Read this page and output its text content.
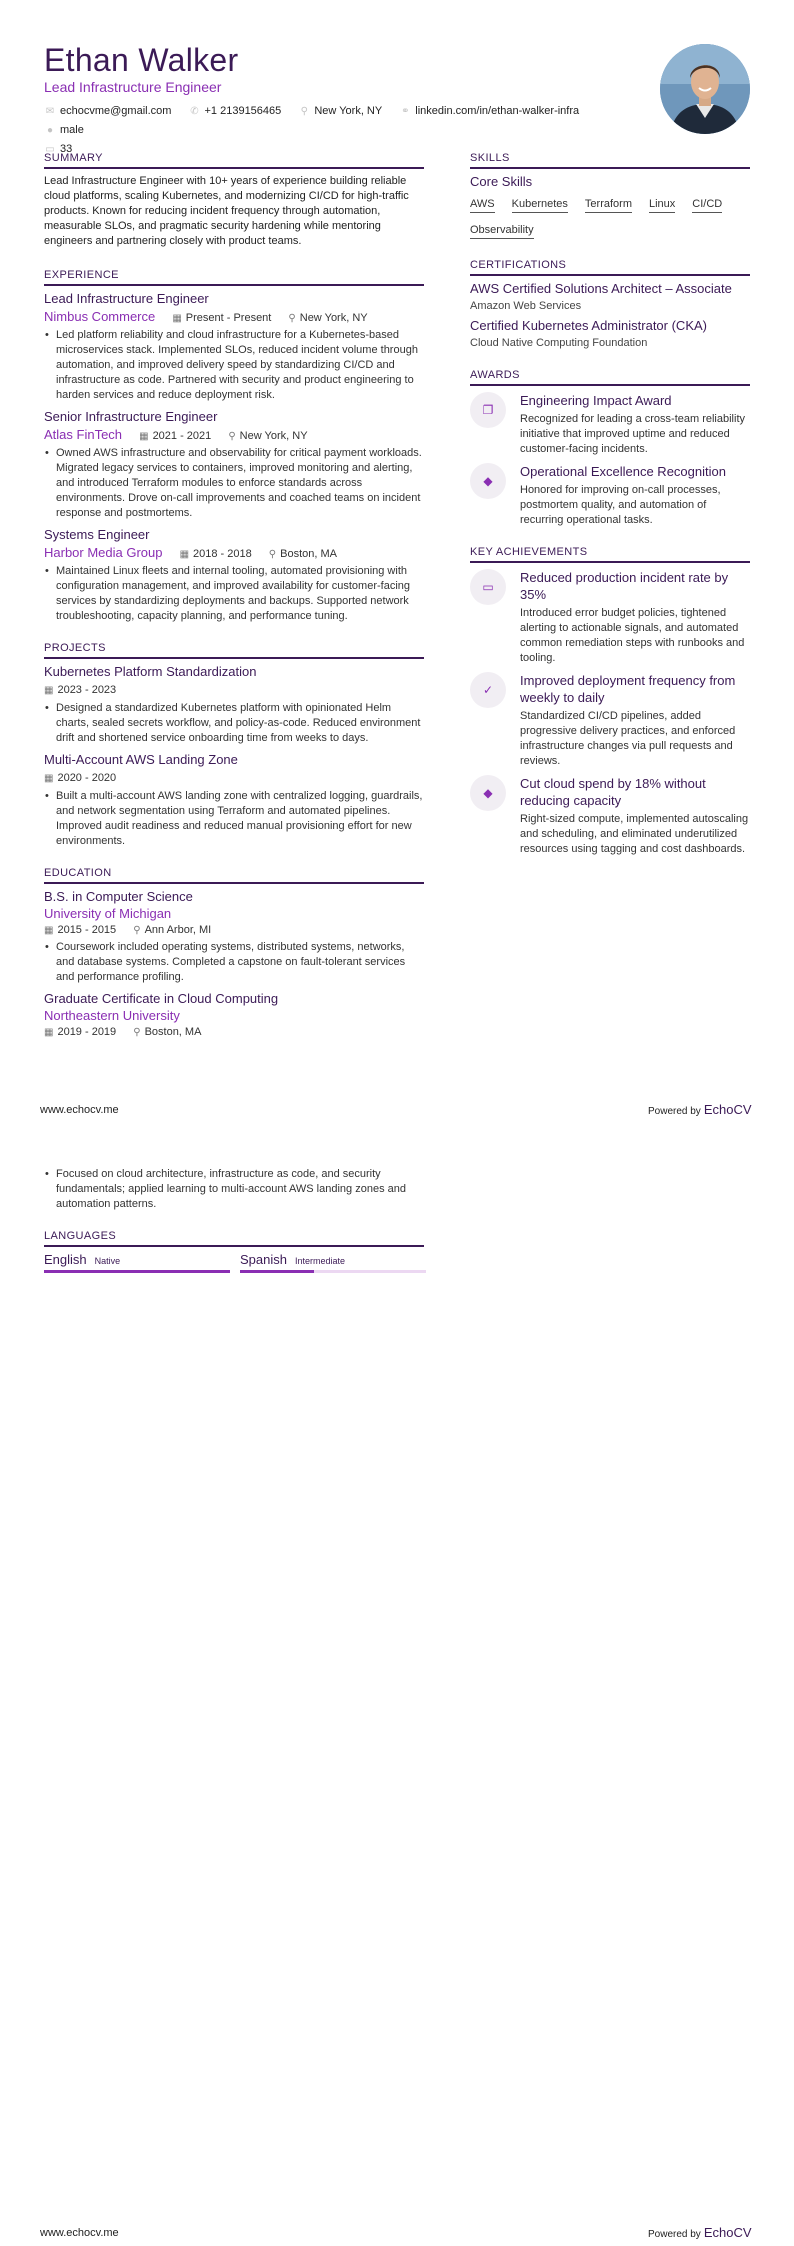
Ethan Walker
Lead Infrastructure Engineer
✉ echocvme@gmail.com ✆ +1 2139156465 ⚲ New York, NY ⚭ linkedin.com/in/ethan-walker-infra ● male
▭ 33
SUMMARY
Lead Infrastructure Engineer with 10+ years of experience building reliable cloud platforms, scaling Kubernetes, and modernizing CI/CD for high-traffic products. Known for reducing incident frequency through automation, measurable SLOs, and pragmatic security hardening while mentoring engineers and partnering closely with product teams.
EXPERIENCE
Lead Infrastructure Engineer
Nimbus Commerce ▦ Present - Present ⚲ New York, NY
• Led platform reliability and cloud infrastructure for a Kubernetes-based microservices stack. Implemented SLOs, reduced incident volume through automation, and improved delivery speed by standardizing CI/CD and infrastructure as code. Partnered with security and product engineering to harden services and reduce deployment risk.
Senior Infrastructure Engineer
Atlas FinTech ▦ 2021 - 2021 ⚲ New York, NY
• Owned AWS infrastructure and observability for critical payment workloads. Migrated legacy services to containers, improved monitoring and alerting, and introduced Terraform modules to enforce standards across environments. Drove on-call improvements and coached teams on incident response and postmortems.
Systems Engineer
Harbor Media Group ▦ 2018 - 2018 ⚲ Boston, MA
• Maintained Linux fleets and internal tooling, automated provisioning with configuration management, and improved availability for customer-facing services by standardizing deployments and backups. Supported network troubleshooting, capacity planning, and performance tuning.
PROJECTS
Kubernetes Platform Standardization
▦ 2023 - 2023
• Designed a standardized Kubernetes platform with opinionated Helm charts, sealed secrets workflow, and policy-as-code. Reduced environment drift and shortened service onboarding time from weeks to days.
Multi-Account AWS Landing Zone
▦ 2020 - 2020
• Built a multi-account AWS landing zone with centralized logging, guardrails, and network segmentation using Terraform and automated pipelines. Improved audit readiness and reduced manual provisioning effort for new environments.
EDUCATION
B.S. in Computer Science
University of Michigan
▦ 2015 - 2015 ⚲ Ann Arbor, MI
• Coursework included operating systems, distributed systems, networks, and database systems. Completed a capstone on fault-tolerant services and performance profiling.
Graduate Certificate in Cloud Computing
Northeastern University
▦ 2019 - 2019 ⚲ Boston, MA
SKILLS
Core Skills
AWS Kubernetes Terraform Linux CI/CDObservability
CERTIFICATIONS
AWS Certified Solutions Architect – Associate
Amazon Web Services
Certified Kubernetes Administrator (CKA)
Cloud Native Computing Foundation
AWARDS
❐
Engineering Impact Award
Recognized for leading a cross-team reliability initiative that improved uptime and reduced customer-facing incidents.
◆
Operational Excellence Recognition
Honored for improving on-call processes, postmortem quality, and automation of recurring operational tasks.
KEY ACHIEVEMENTS
▭
Reduced production incident rate by 35%
Introduced error budget policies, tightened alerting to actionable signals, and automated common remediation steps with runbooks and tooling.
✓
Improved deployment frequency from weekly to daily
Standardized CI/CD pipelines, added progressive delivery practices, and enforced infrastructure changes via pull requests and reviews.
◆
Cut cloud spend by 18% without reducing capacity
Right-sized compute, implemented autoscaling and scheduling, and eliminated underutilized resources using tagging and cost dashboards.
www.echocv.me	Powered by EchoCV
• Focused on cloud architecture, infrastructure as code, and security fundamentals; applied learning to multi-account AWS landing zones and automation patterns.
LANGUAGES
English Native	Spanish Intermediate
www.echocv.me	Powered by EchoCV
